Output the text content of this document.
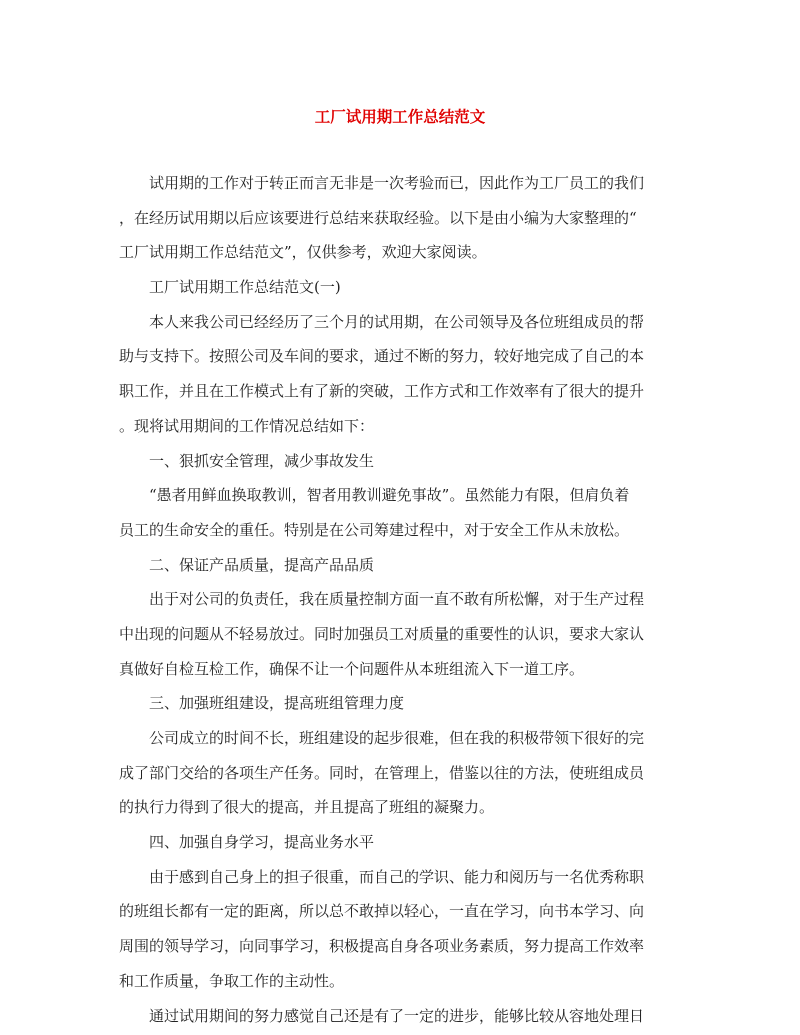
工厂试用期工作总结范文
试用期的工作对于转正而言无非是一次考验而已，因此作为工厂员工的我们
，在经历试用期以后应该要进行总结来获取经验。以下是由小编为大家整理的“
工厂试用期工作总结范文”，仅供参考，欢迎大家阅读。
工厂试用期工作总结范文(一)
本人来我公司已经经历了三个月的试用期，在公司领导及各位班组成员的帮
助与支持下。按照公司及车间的要求，通过不断的努力，较好地完成了自己的本
职工作，并且在工作模式上有了新的突破，工作方式和工作效率有了很大的提升
。现将试用期间的工作情况总结如下：
一、狠抓安全管理，减少事故发生
“愚者用鲜血换取教训，智者用教训避免事故”。虽然能力有限，但肩负着
员工的生命安全的重任。特别是在公司筹建过程中，对于安全工作从未放松。
二、保证产品质量，提高产品品质
出于对公司的负责任，我在质量控制方面一直不敢有所松懈，对于生产过程
中出现的问题从不轻易放过。同时加强员工对质量的重要性的认识，要求大家认
真做好自检互检工作，确保不让一个问题件从本班组流入下一道工序。
三、加强班组建设，提高班组管理力度
公司成立的时间不长，班组建设的起步很难，但在我的积极带领下很好的完
成了部门交给的各项生产任务。同时，在管理上，借鉴以往的方法，使班组成员
的执行力得到了很大的提高，并且提高了班组的凝聚力。
四、加强自身学习，提高业务水平
由于感到自己身上的担子很重，而自己的学识、能力和阅历与一名优秀称职
的班组长都有一定的距离，所以总不敢掉以轻心，一直在学习，向书本学习、向
周围的领导学习，向同事学习，积极提高自身各项业务素质，努力提高工作效率
和工作质量，争取工作的主动性。
通过试用期间的努力感觉自己还是有了一定的进步，能够比较从容地处理日
